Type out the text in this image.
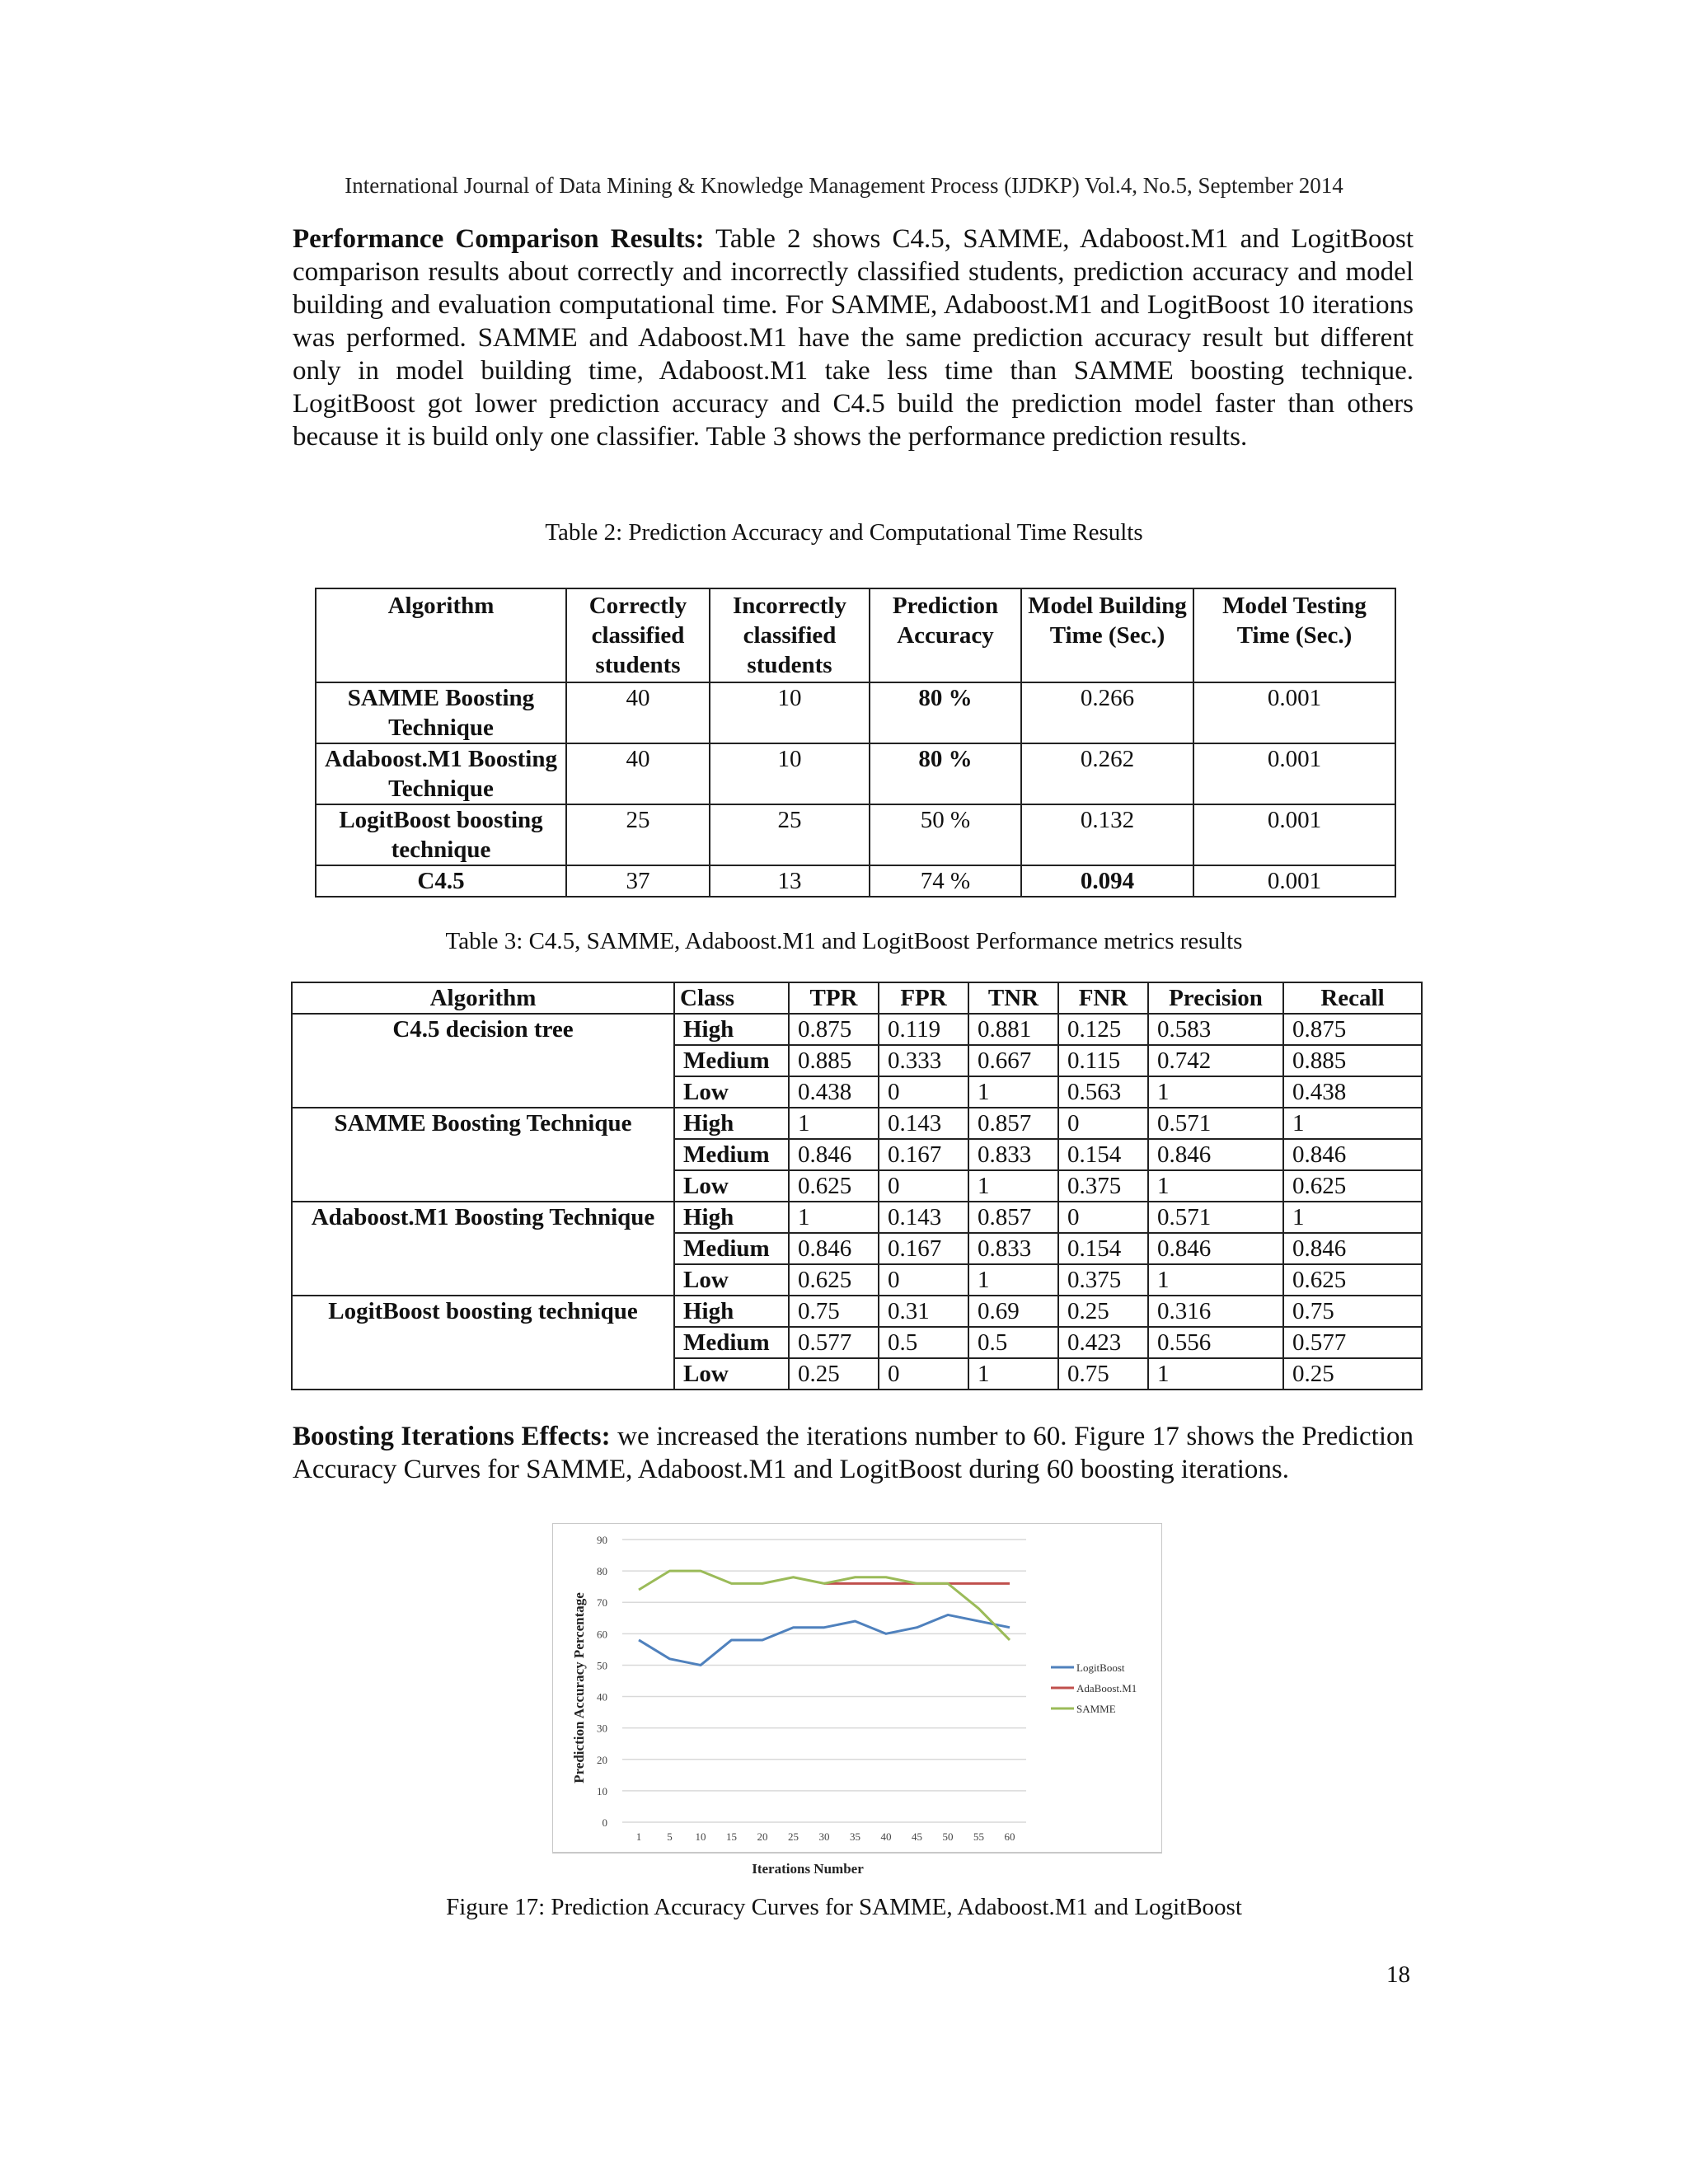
International Journal of Data Mining & Knowledge Management Process (IJDKP) Vol.4, No.5, September 2014
Performance Comparison Results: Table 2 shows C4.5, SAMME, Adaboost.M1 and LogitBoost comparison results about correctly and incorrectly classified students, prediction accuracy and model building and evaluation computational time. For SAMME, Adaboost.M1 and LogitBoost 10 iterations was performed. SAMME and Adaboost.M1 have the same prediction accuracy result but different only in model building time, Adaboost.M1 take less time than SAMME boosting technique. LogitBoost got lower prediction accuracy and C4.5 build the prediction model faster than others because it is build only one classifier. Table 3 shows the performance prediction results.
Table 2: Prediction Accuracy and Computational Time Results
Algorithm	Correctly classified students	Incorrectly classified students	Prediction Accuracy	Model Building Time (Sec.)	Model Testing Time (Sec.)
SAMME Boosting Technique	40	10	80 %	0.266	0.001
Adaboost.M1 Boosting Technique	40	10	80 %	0.262	0.001
LogitBoost boosting technique	25	25	50 %	0.132	0.001
C4.5	37	13	74 %	0.094	0.001
Table 3: C4.5, SAMME, Adaboost.M1 and LogitBoost Performance metrics results
Algorithm	Class	TPR	FPR	TNR	FNR	Precision	Recall
C4.5 decision tree	High	0.875	0.119	0.881	0.125	0.583	0.875
	Medium	0.885	0.333	0.667	0.115	0.742	0.885
	Low	0.438	0	1	0.563	1	0.438
SAMME Boosting Technique	High	1	0.143	0.857	0	0.571	1
	Medium	0.846	0.167	0.833	0.154	0.846	0.846
	Low	0.625	0	1	0.375	1	0.625
Adaboost.M1 Boosting Technique	High	1	0.143	0.857	0	0.571	1
	Medium	0.846	0.167	0.833	0.154	0.846	0.846
	Low	0.625	0	1	0.375	1	0.625
LogitBoost boosting technique	High	0.75	0.31	0.69	0.25	0.316	0.75
	Medium	0.577	0.5	0.5	0.423	0.556	0.577
	Low	0.25	0	1	0.75	1	0.25
Boosting Iterations Effects: we increased the iterations number to 60. Figure 17 shows the Prediction Accuracy Curves for SAMME, Adaboost.M1 and LogitBoost during 60 boosting iterations.
0
10
20
30
40
50
60
70
80
90
1 5 10 15 20 25 30 35 40 45 50 55 60
LogitBoost
AdaBoost.M1
SAMME
Prediction Accuracy Percentage
Iterations Number
Figure 17: Prediction Accuracy Curves for SAMME, Adaboost.M1 and LogitBoost
18
